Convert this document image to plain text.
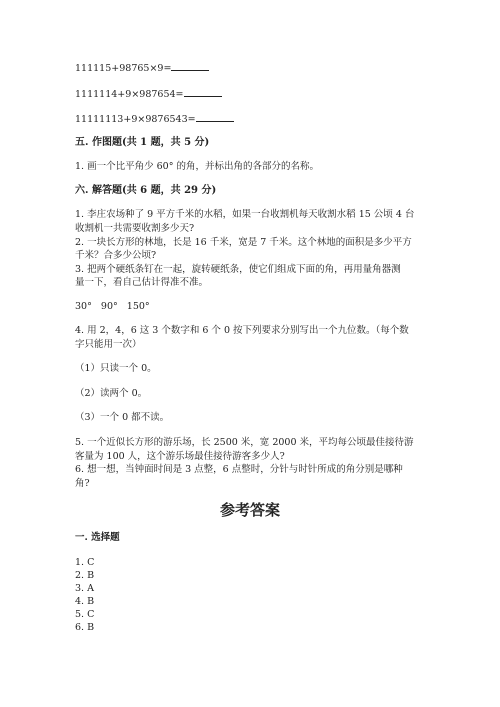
111115+98765×9=

1111114+9×987654=

11111113+9×9876543=

五. 作图题(共 1 题，共 5 分)

1. 画一个比平角少 60° 的角，并标出角的各部分的名称。

六. 解答题(共 6 题，共 29 分)

1. 李庄农场种了 9 平方千米的水稻，如果一台收割机每天收割水稻 15 公顷 4 台

收割机一共需要收割多少天?

2. 一块长方形的林地，长是 16 千米，宽是 7 千米。这个林地的面积是多少平方

千米？合多少公顷?

3. 把两个硬纸条钉在一起，旋转硬纸条，使它们组成下面的角，再用量角器测

量一下，看自己估计得准不准。

30°   90°   150°

4. 用 2，4，6 这 3 个数字和 6 个 0 按下列要求分别写出一个九位数。（每个数

字只能用一次）

（1）只读一个 0。

（2）读两个 0。

（3）一个 0 都不读。

5. 一个近似长方形的游乐场，长 2500 米，宽 2000 米，平均每公顷最佳接待游

客量为 100 人，这个游乐场最佳接待游客多少人?

6. 想一想，当钟面时间是 3 点整，6 点整时，分针与时针所成的角分别是哪种

角?

参考答案

一. 选择题

1. C

2. B

3. A

4. B

5. C

6. B
